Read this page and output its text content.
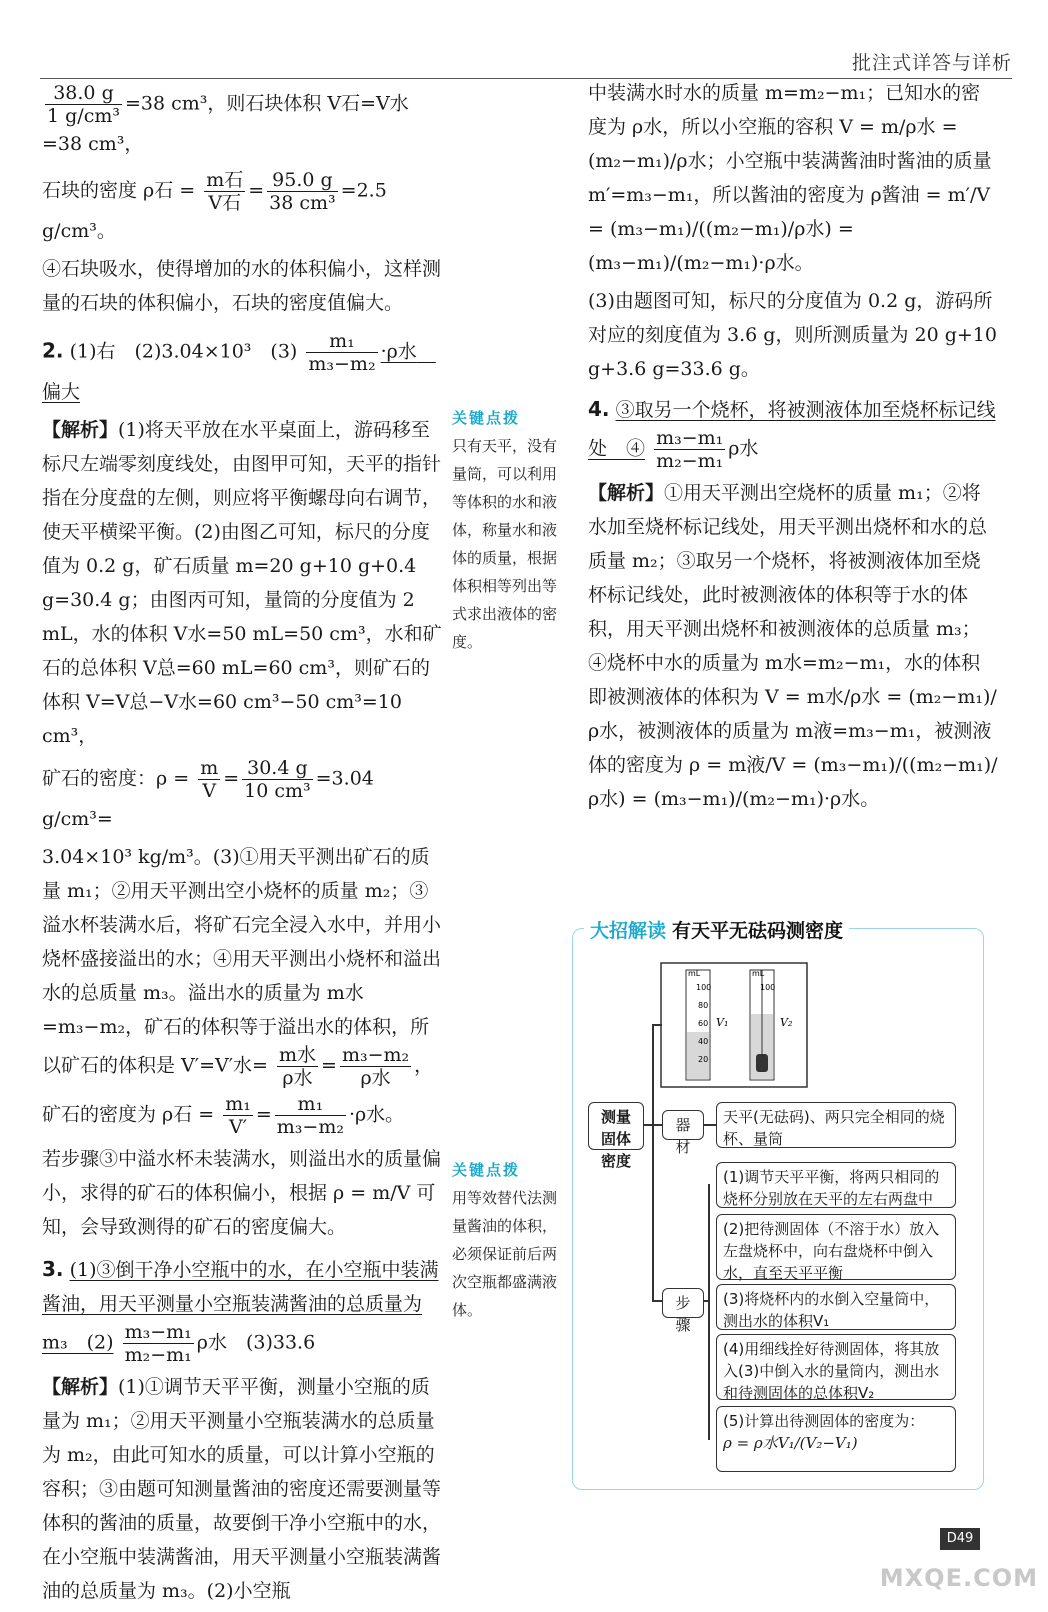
批注式详答与详析
$\frac{38.0 g}{\text{1 g/cm³}} =38$ cm³，则石块体积 V石=V水=38 cm³，
石块的密度 ρ石 = $\frac{\text{m石}}{\text{V石}} = \frac{95.0 g}{\text{38 cm³}} =2.5$ g/cm³。
④石块吸水，使得增加的水的体积偏小，这样测量的石块的体积偏小，石块的密度值偏大。
2. (1)右　(2)3.04×10³　$(3) \frac{\text{m₁}}{\text{m₃−m₂}} \cdot\rho$水　偏大
【解析】(1)将天平放在水平桌面上，游码移至标尺左端零刻度线处，由图甲可知，天平的指针指在分度盘的左侧，则应将平衡螺母向右调节，使天平横梁平衡。(2)由图乙可知，标尺的分度值为 0.2 g，矿石质量 m=20 g+10 g+0.4 g=30.4 g；由图丙可知，量筒的分度值为 2 mL，水的体积 V水=50 mL=50 cm³，水和矿石的总体积 V总=60 mL=60 cm³，则矿石的体积 V=V总−V水=60 cm³−50 cm³=10 cm³，
矿石的密度：$\rho = \frac{m}{V} = \frac{30.4 g}{\text{10 cm³}} =3.04$ g/cm³=
3.04×10³ kg/m³。(3)①用天平测出矿石的质量 m₁；②用天平测出空小烧杯的质量 m₂；③溢水杯装满水后，将矿石完全浸入水中，并用小烧杯盛接溢出的水；④用天平测出小烧杯和溢出水的总质量 m₃。溢出水的质量为 m水=m₃−m₂，矿石的体积等于溢出水的体积，所以矿石的体积是 V′=V′水= $\frac{\text{m水}}{\text{ρ水}} = \frac{\text{m₃−m₂}}{\text{ρ水}}$ ，
矿石的密度为 ρ石 = $\frac{\text{m₁}}{V'} = \frac{\text{m₁}}{\text{m₃−m₂}} \cdot\rho$水。
若步骤③中溢水杯未装满水，则溢出水的质量偏小，求得的矿石的体积偏小，根据 ρ = m/V 可知，会导致测得的矿石的密度偏大。
3. (1)③倒干净小空瓶中的水，在小空瓶中装满酱油，用天平测量小空瓶装满酱油的总质量为 m₃　$(2) \frac{\text{m₃−m₁}}{\text{m₂−m₁}}$ ρ水　(3)33.6
【解析】(1)①调节天平平衡，测量小空瓶的质量为 m₁；②用天平测量小空瓶装满水的总质量为 m₂，由此可知水的质量，可以计算小空瓶的容积；③由题可知测量酱油的密度还需要测量等体积的酱油的质量，故要倒干净小空瓶中的水，在小空瓶中装满酱油，用天平测量小空瓶装满酱油的总质量为 m₃。(2)小空瓶
关键点拨
只有天平，没有量筒，可以利用等体积的水和液体，称量水和液体的质量，根据体积相等列出等式求出液体的密度。
关键点拨
用等效替代法测量酱油的体积，必须保证前后两次空瓶都盛满液体。
中装满水时水的质量 m=m₂−m₁；已知水的密度为 ρ水，所以小空瓶的容积 V = m/ρ水 = (m₂−m₁)/ρ水；小空瓶中装满酱油时酱油的质量 m′=m₃−m₁，所以酱油的密度为 ρ酱油 = m′/V = (m₃−m₁)/((m₂−m₁)/ρ水) = (m₃−m₁)/(m₂−m₁)·ρ水。
(3)由题图可知，标尺的分度值为 0.2 g，游码所对应的刻度值为 3.6 g，则所测质量为 20 g+10 g+3.6 g=33.6 g。
4. ③取另一个烧杯，将被测液体加至烧杯标记线处　④ $\frac{\text{m₃−m₁}}{\text{m₂−m₁}}$ ρ水
【解析】①用天平测出空烧杯的质量 m₁；②将水加至烧杯标记线处，用天平测出烧杯和水的总质量 m₂；③取另一个烧杯，将被测液体加至烧杯标记线处，此时被测液体的体积等于水的体积，用天平测出烧杯和被测液体的总质量 m₃；④烧杯中水的质量为 m水=m₂−m₁，水的体积即被测液体的体积为 V = m水/ρ水 = (m₂−m₁)/ρ水，被测液体的质量为 m液=m₃−m₁，被测液体的密度为 ρ = m液/V = (m₃−m₁)/((m₂−m₁)/ρ水) = (m₃−m₁)/(m₂−m₁)·ρ水。
大招解读 有天平无砝码测密度
mL	mL
100
80
60
40
20
100
V₁	V₂
测量固体密度
器材
天平(无砝码)、两只完全相同的烧杯、量筒
步骤
(1)调节天平平衡，将两只相同的烧杯分别放在天平的左右两盘中
(2)把待测固体（不溶于水）放入左盘烧杯中，向右盘烧杯中倒入水，直至天平平衡
(3)将烧杯内的水倒入空量筒中，测出水的体积V₁
(4)用细线拴好待测固体，将其放入(3)中倒入水的量筒内，测出水和待测固体的总体积V₂
(5)计算出待测固体的密度为：
ρ = ρ水V₁/(V₂−V₁)
D49
MXQE.COM
